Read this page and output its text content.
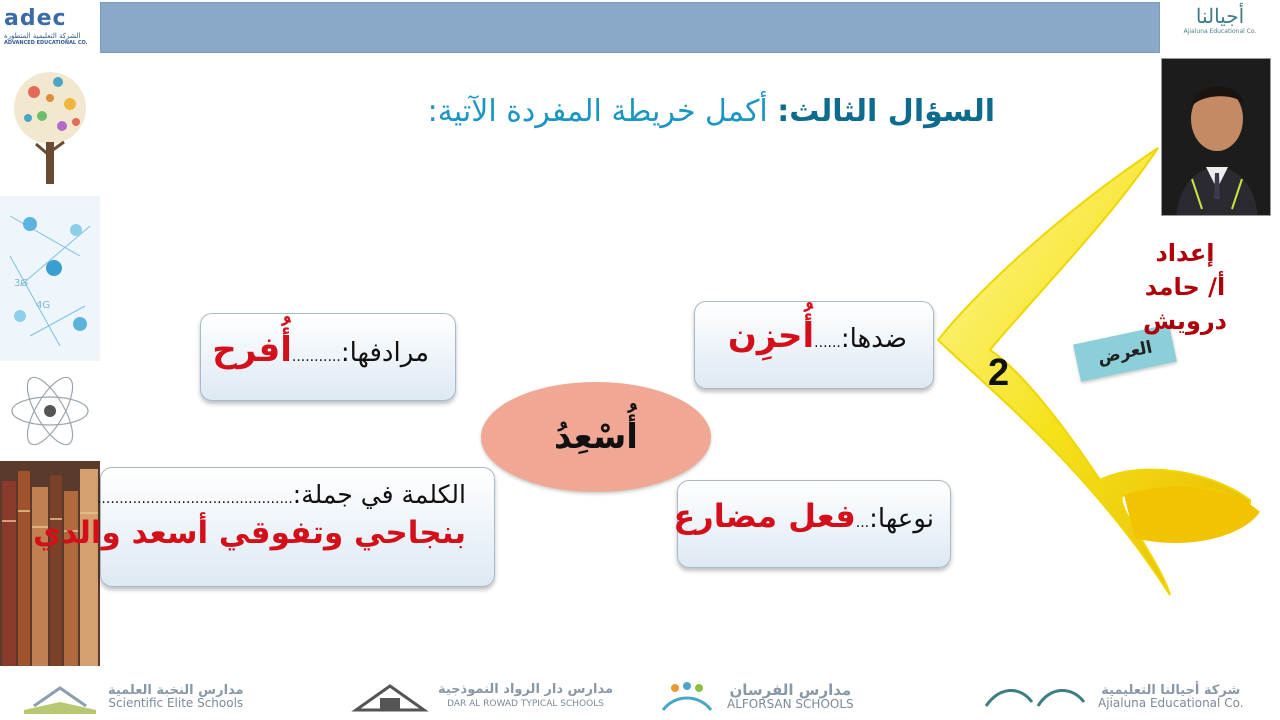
adec
الشركة التعليمية المتطورة
ADVANCED EDUCATIONAL CO.
أجيالنا
Ajialuna Educational Co.
3G
4G
2	العرض
إعداد
أ/ حامد درويش
السؤال الثالث: أكمل خريطة المفردة الآتية:
أُسْعِدُ
مرادفها:...........أُفرح	ضدها:......أُحزِن
نوعها:...فعل مضارع
الكلمة في جملة:............................................
بنجاحي وتفوقي أسعد والدي
مدارس النخبة العلمية
Scientific Elite Schools
مدارس دار الرواد النموذجية
DAR AL ROWAD TYPICAL SCHOOLS
مدارس الفرسان
ALFORSAN SCHOOLS
شركة أجيالنا التعليمية
Ajialuna Educational Co.
